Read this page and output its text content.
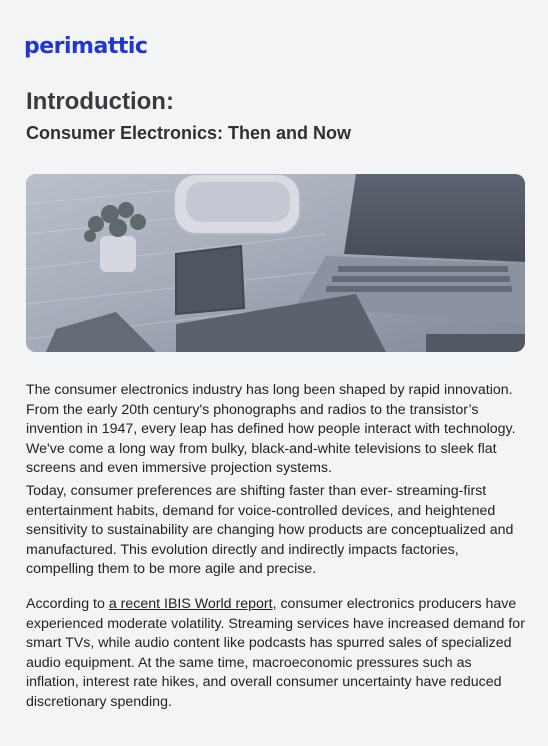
perimattic
Introduction:
Consumer Electronics: Then and Now

The consumer electronics industry has long been shaped by rapid innovation. From the early 20th century's phonographs and radios to the transistor’s invention in 1947, every leap has defined how people interact with technology. We've come a long way from bulky, black-and-white televisions to sleek flat screens and even immersive projection systems.

Today, consumer preferences are shifting faster than ever- streaming-first entertainment habits, demand for voice-controlled devices, and heightened sensitivity to sustainability are changing how products are conceptualized and manufactured. This evolution directly and indirectly impacts factories, compelling them to be more agile and precise.

According to a recent IBIS World report, consumer electronics producers have experienced moderate volatility. Streaming services have increased demand for smart TVs, while audio content like podcasts has spurred sales of specialized audio equipment. At the same time, macroeconomic pressures such as inflation, interest rate hikes, and overall consumer uncertainty have reduced discretionary spending.
